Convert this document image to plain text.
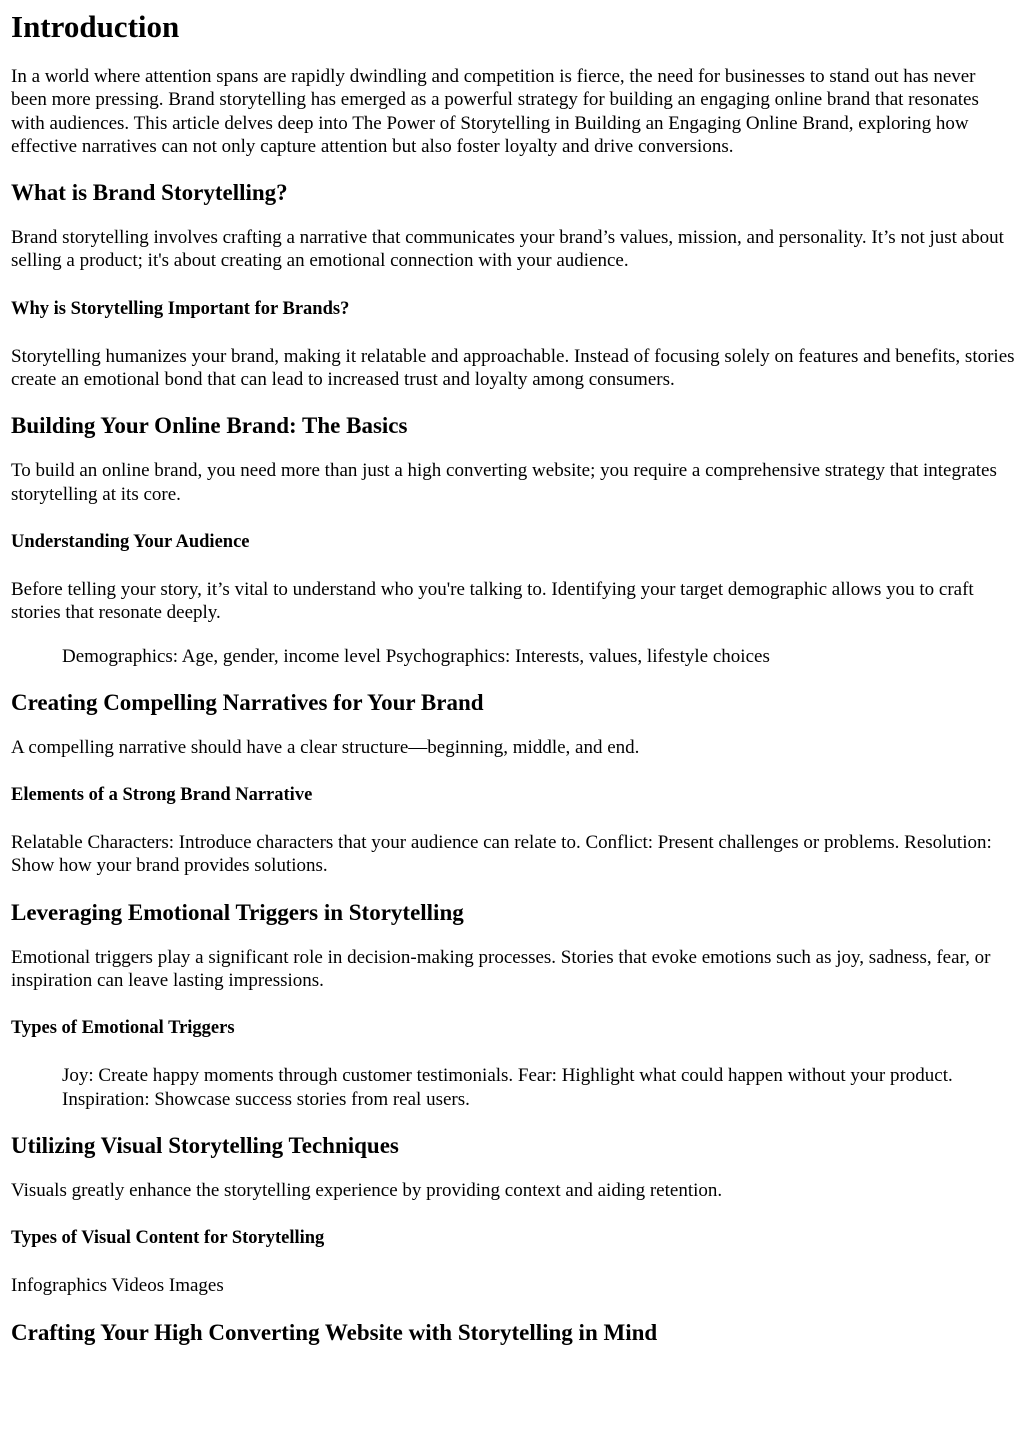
Introduction

In a world where attention spans are rapidly dwindling and competition is fierce, the need for businesses to stand out has never been more pressing. Brand storytelling has emerged as a powerful strategy for building an engaging online brand that resonates with audiences. This article delves deep into The Power of Storytelling in Building an Engaging Online Brand, exploring how effective narratives can not only capture attention but also foster loyalty and drive conversions.

What is Brand Storytelling?

Brand storytelling involves crafting a narrative that communicates your brand’s values, mission, and personality. It’s not just about selling a product; it's about creating an emotional connection with your audience.

Why is Storytelling Important for Brands?

Storytelling humanizes your brand, making it relatable and approachable. Instead of focusing solely on features and benefits, stories create an emotional bond that can lead to increased trust and loyalty among consumers.

Building Your Online Brand: The Basics

To build an online brand, you need more than just a high converting website; you require a comprehensive strategy that integrates storytelling at its core.

Understanding Your Audience

Before telling your story, it’s vital to understand who you're talking to. Identifying your target demographic allows you to craft stories that resonate deeply.

Demographics: Age, gender, income level Psychographics: Interests, values, lifestyle choices
Creating Compelling Narratives for Your Brand

A compelling narrative should have a clear structure—beginning, middle, and end.

Elements of a Strong Brand Narrative

Relatable Characters: Introduce characters that your audience can relate to. Conflict: Present challenges or problems. Resolution: Show how your brand provides solutions.

Leveraging Emotional Triggers in Storytelling

Emotional triggers play a significant role in decision-making processes. Stories that evoke emotions such as joy, sadness, fear, or inspiration can leave lasting impressions.

Types of Emotional Triggers
Joy: Create happy moments through customer testimonials. Fear: Highlight what could happen without your product. Inspiration: Showcase success stories from real users.
Utilizing Visual Storytelling Techniques

Visuals greatly enhance the storytelling experience by providing context and aiding retention.

Types of Visual Content for Storytelling

Infographics Videos Images

Crafting Your High Converting Website with Storytelling in Mind
